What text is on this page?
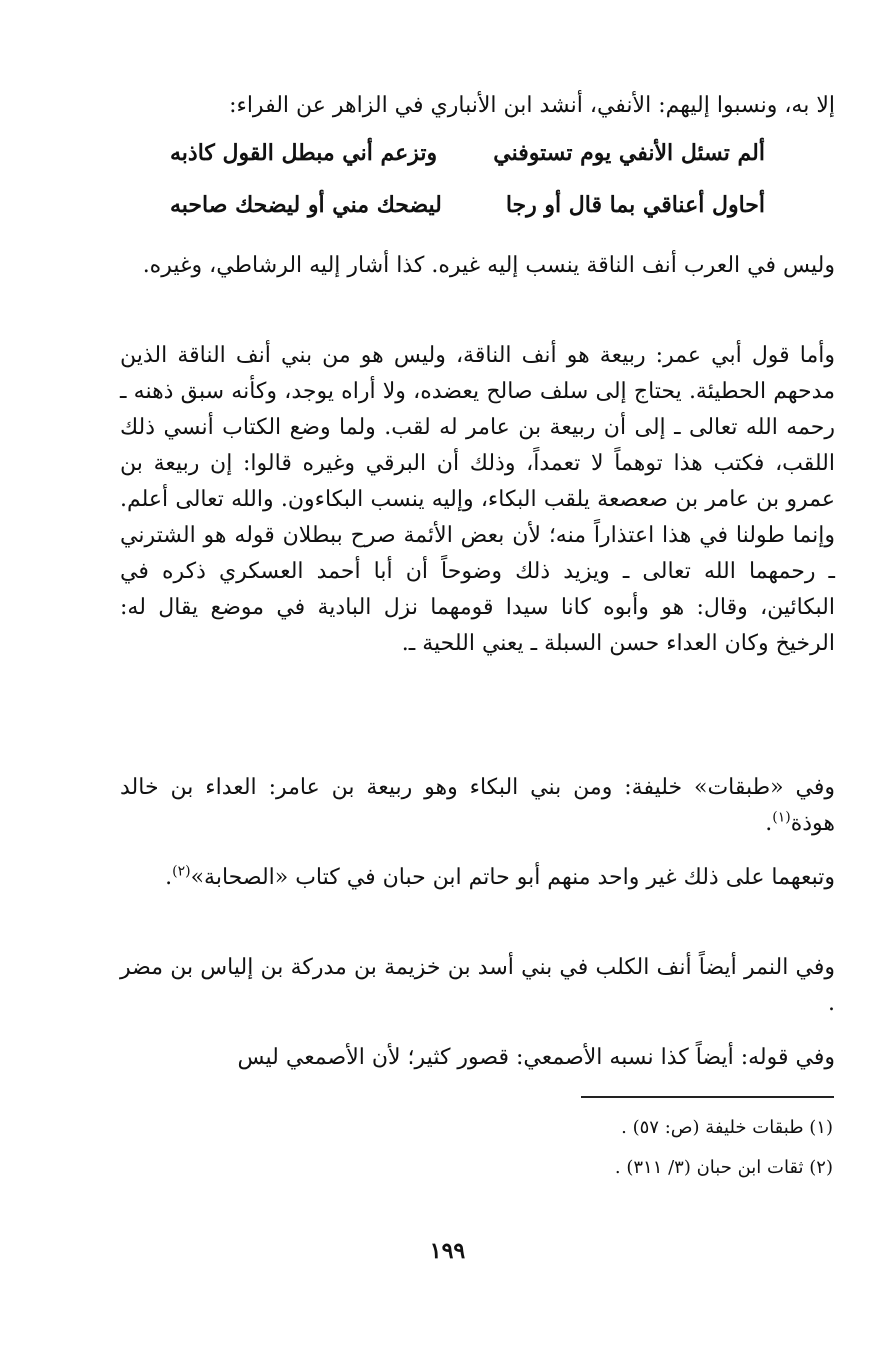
إلا به، ونسبوا إليهم: الأنفي، أنشد ابن الأنباري في الزاهر عن الفراء:

ألم تسئل الأنفي يوم تستوفني
وتزعم أني مبطل القول كاذبه
أحاول أعناقي بما قال أو رجا
ليضحك مني أو ليضحك صاحبه

وليس في العرب أنف الناقة ينسب إليه غيره. كذا أشار إليه الرشاطي، وغيره.

وأما قول أبي عمر: ربيعة هو أنف الناقة، وليس هو من بني أنف الناقة الذين مدحهم الحطيئة. يحتاج إلى سلف صالح يعضده، ولا أراه يوجد، وكأنه سبق ذهنه ـ رحمه الله تعالى ـ إلى أن ربيعة بن عامر له لقب. ولما وضع الكتاب أنسي ذلك اللقب، فكتب هذا توهماً لا تعمداً، وذلك أن البرقي وغيره قالوا: إن ربيعة بن عمرو بن عامر بن صعصعة يلقب البكاء، وإليه ينسب البكاءون. والله تعالى أعلم. وإنما طولنا في هذا اعتذاراً منه؛ لأن بعض الأئمة صرح ببطلان قوله هو الشترني ـ رحمهما الله تعالى ـ ويزيد ذلك وضوحاً أن أبا أحمد العسكري ذكره في البكائين، وقال: هو وأبوه كانا سيدا قومهما نزل البادية في موضع يقال له: الرخيخ وكان العداء حسن السبلة ـ يعني اللحية ـ.

وفي «طبقات» خليفة: ومن بني البكاء وهو ربيعة بن عامر: العداء بن خالد هوذة$^{(١)}$.

وتبعهما على ذلك غير واحد منهم أبو حاتم ابن حبان في كتاب «الصحابة»$^{(٢)}$.

وفي النمر أيضاً أنف الكلب في بني أسد بن خزيمة بن مدركة بن إلياس بن مضر .

وفي قوله: أيضاً كذا نسبه الأصمعي: قصور كثير؛ لأن الأصمعي ليس

(١) طبقات خليفة (ص: ٥٧) .
(٢) ثقات ابن حبان (٣/ ٣١١) .
١٩٩
